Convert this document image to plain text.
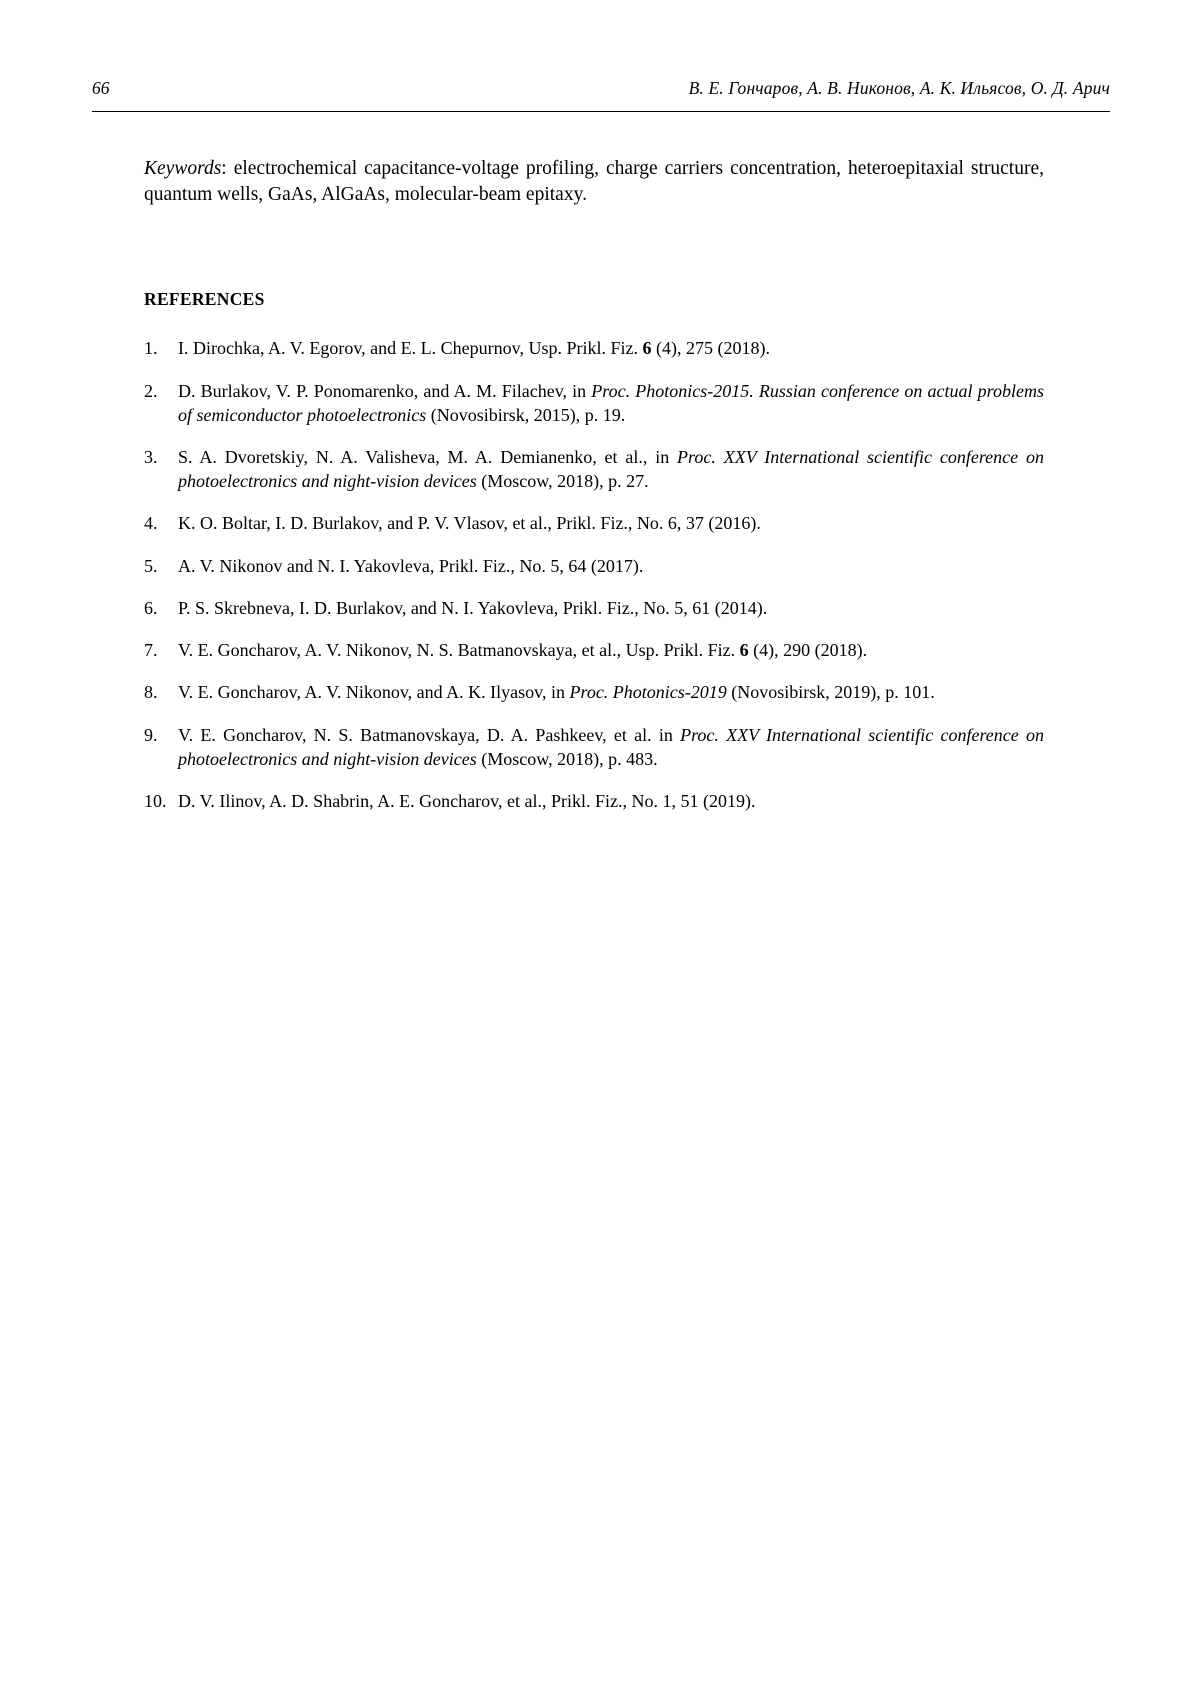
66	В. Е. Гончаров, А. В. Никонов, А. К. Ильясов, О. Д. Арич

Keywords: electrochemical capacitance-voltage profiling, charge carriers concentration, heteroepitaxial structure, quantum wells, GaAs, AlGaAs, molecular-beam epitaxy.

REFERENCES

1.	I. Dirochka, A. V. Egorov, and E. L. Chepurnov, Usp. Prikl. Fiz. 6 (4), 275 (2018).

2.	D. Burlakov, V. P. Ponomarenko, and A. M. Filachev, in Proc. Photonics-2015. Russian conference on actual problems of semiconductor photoelectronics (Novosibirsk, 2015), p. 19.

3.	S. A. Dvoretskiy, N. A. Valisheva, M. A. Demianenko, et al., in Proc. XXV International scientific conference on photoelectronics and night-vision devices (Moscow, 2018), p. 27.

4.	K. O. Boltar, I. D. Burlakov, and P. V. Vlasov, et al., Prikl. Fiz., No. 6, 37 (2016).

5.	A. V. Nikonov and N. I. Yakovleva, Prikl. Fiz., No. 5, 64 (2017).

6.	P. S. Skrebneva, I. D. Burlakov, and N. I. Yakovleva, Prikl. Fiz., No. 5, 61 (2014).

7.	V. E. Goncharov, A. V. Nikonov, N. S. Batmanovskaya, et al., Usp. Prikl. Fiz. 6 (4), 290 (2018).

8.	V. E. Goncharov, A. V. Nikonov, and A. K. Ilyasov, in Proc. Photonics-2019 (Novosibirsk, 2019), p. 101.

9.	V. E. Goncharov, N. S. Batmanovskaya, D. A. Pashkeev, et al. in Proc. XXV International scientific conference on photoelectronics and night-vision devices (Moscow, 2018), p. 483.

10. D. V. Ilinov, A. D. Shabrin, A. E. Goncharov, et al., Prikl. Fiz., No. 1, 51 (2019).
